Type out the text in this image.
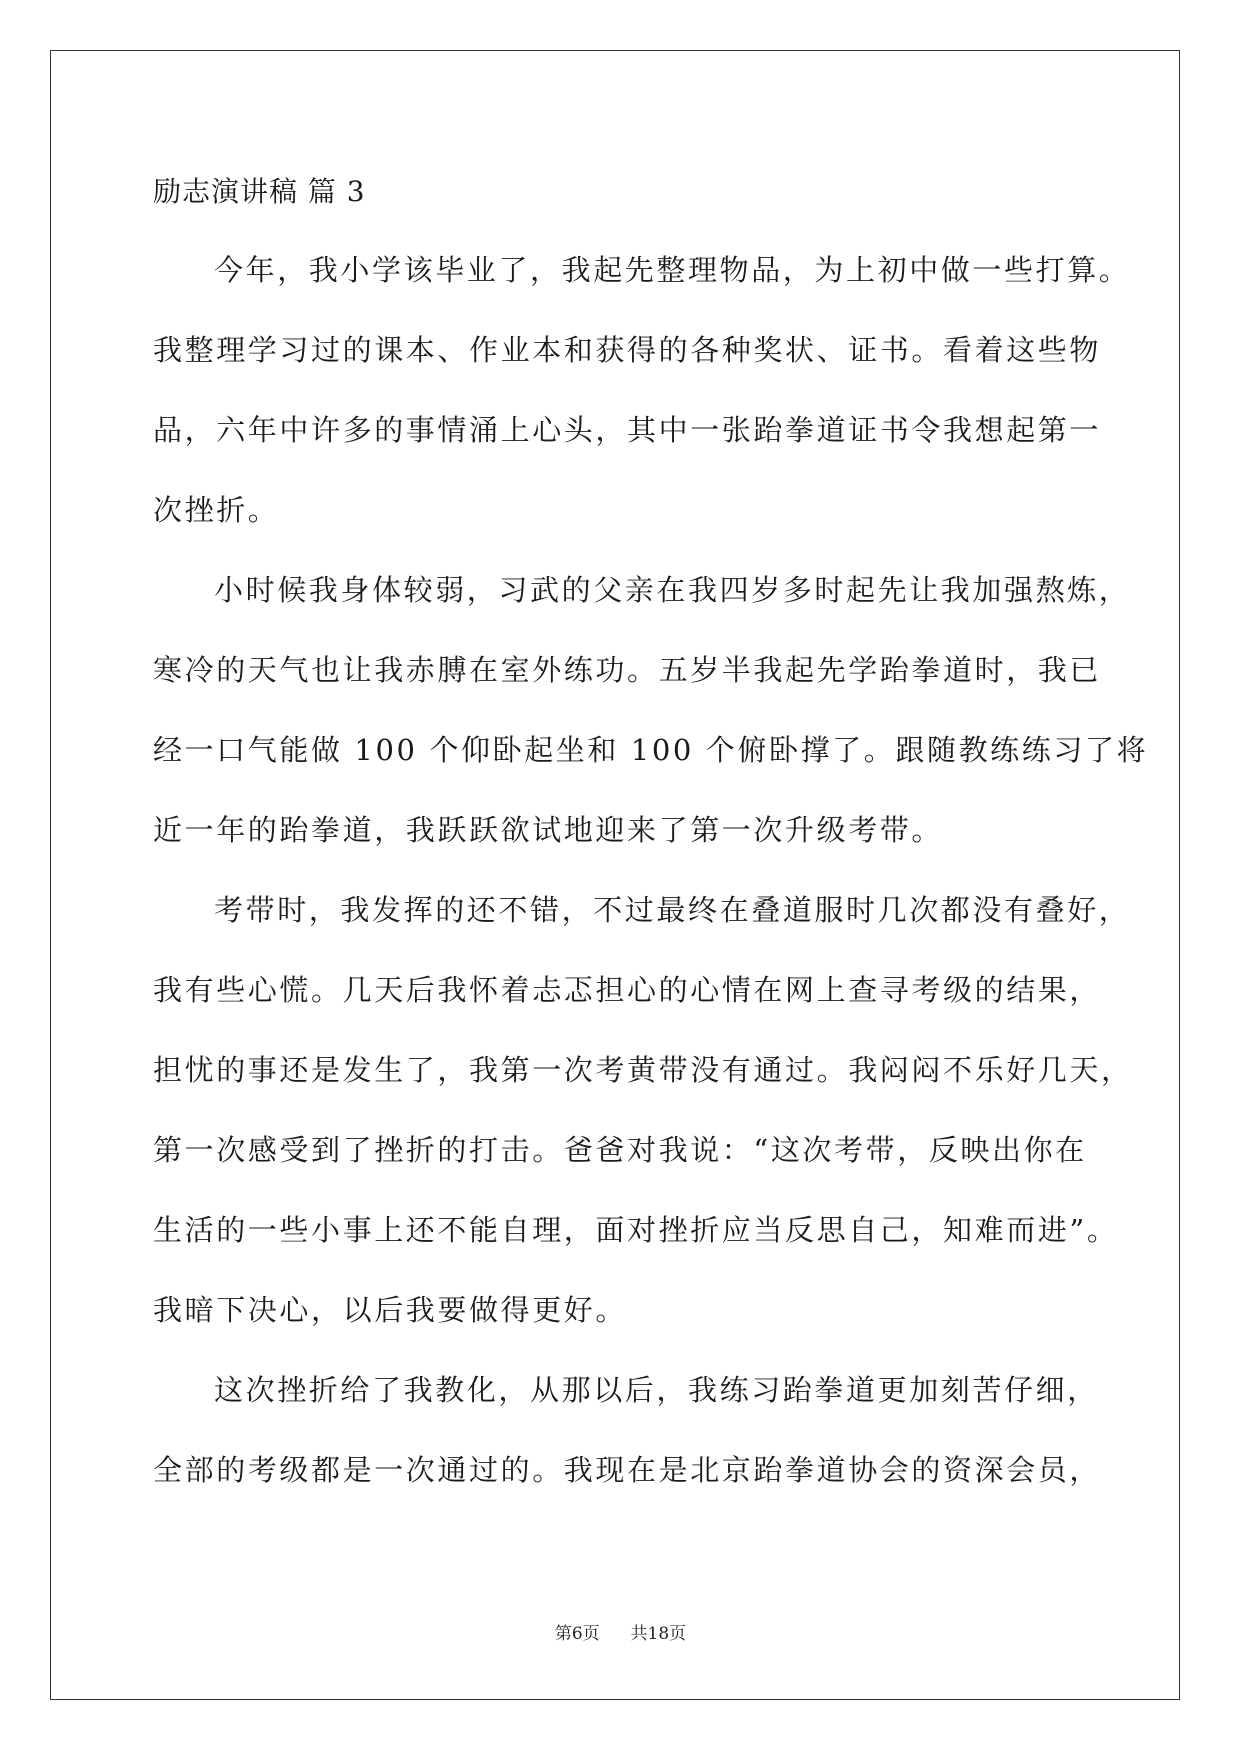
励志演讲稿 篇 3
今年，我小学该毕业了，我起先整理物品，为上初中做一些打算。
我整理学习过的课本、作业本和获得的各种奖状、证书。看着这些物
品，六年中许多的事情涌上心头，其中一张跆拳道证书令我想起第一
次挫折。
小时候我身体较弱，习武的父亲在我四岁多时起先让我加强熬炼，
寒冷的天气也让我赤膊在室外练功。五岁半我起先学跆拳道时，我已
经一口气能做 100 个仰卧起坐和 100 个俯卧撑了。跟随教练练习了将
近一年的跆拳道，我跃跃欲试地迎来了第一次升级考带。
考带时，我发挥的还不错，不过最终在叠道服时几次都没有叠好，
我有些心慌。几天后我怀着忐忑担心的心情在网上查寻考级的结果，
担忧的事还是发生了，我第一次考黄带没有通过。我闷闷不乐好几天，
第一次感受到了挫折的打击。爸爸对我说：“这次考带，反映出你在
生活的一些小事上还不能自理，面对挫折应当反思自己，知难而进”。
我暗下决心，以后我要做得更好。
这次挫折给了我教化，从那以后，我练习跆拳道更加刻苦仔细，
全部的考级都是一次通过的。我现在是北京跆拳道协会的资深会员，
第6页 共18页
